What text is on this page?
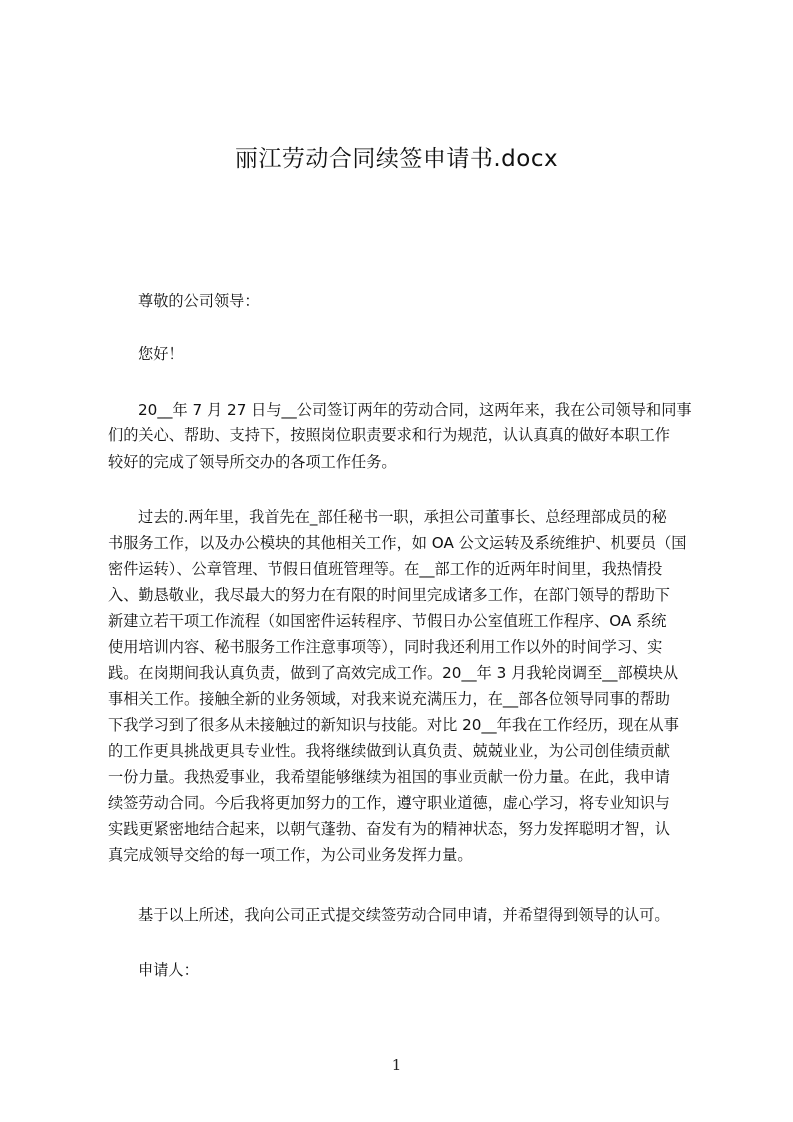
丽江劳动合同续签申请书.docx
尊敬的公司领导：
您好！
20__年 7 月 27 日与__公司签订两年的劳动合同，这两年来，我在公司领导和同事
们的关心、帮助、支持下，按照岗位职责要求和行为规范，认认真真的做好本职工作
较好的完成了领导所交办的各项工作任务。
过去的.两年里，我首先在_部任秘书一职，承担公司董事长、总经理部成员的秘
书服务工作，以及办公模块的其他相关工作，如 OA 公文运转及系统维护、机要员（国
密件运转）、公章管理、节假日值班管理等。在__部工作的近两年时间里，我热情投
入、勤恳敬业，我尽最大的努力在有限的时间里完成诸多工作，在部门领导的帮助下
新建立若干项工作流程（如国密件运转程序、节假日办公室值班工作程序、OA 系统
使用培训内容、秘书服务工作注意事项等），同时我还利用工作以外的时间学习、实
践。在岗期间我认真负责，做到了高效完成工作。20__年 3 月我轮岗调至__部模块从
事相关工作。接触全新的业务领域，对我来说充满压力，在__部各位领导同事的帮助
下我学习到了很多从未接触过的新知识与技能。对比 20__年我在工作经历，现在从事
的工作更具挑战更具专业性。我将继续做到认真负责、兢兢业业，为公司创佳绩贡献
一份力量。我热爱事业，我希望能够继续为祖国的事业贡献一份力量。在此，我申请
续签劳动合同。今后我将更加努力的工作，遵守职业道德，虚心学习，将专业知识与
实践更紧密地结合起来，以朝气蓬勃、奋发有为的精神状态，努力发挥聪明才智，认
真完成领导交给的每一项工作，为公司业务发挥力量。
基于以上所述，我向公司正式提交续签劳动合同申请，并希望得到领导的认可。
申请人：
1
